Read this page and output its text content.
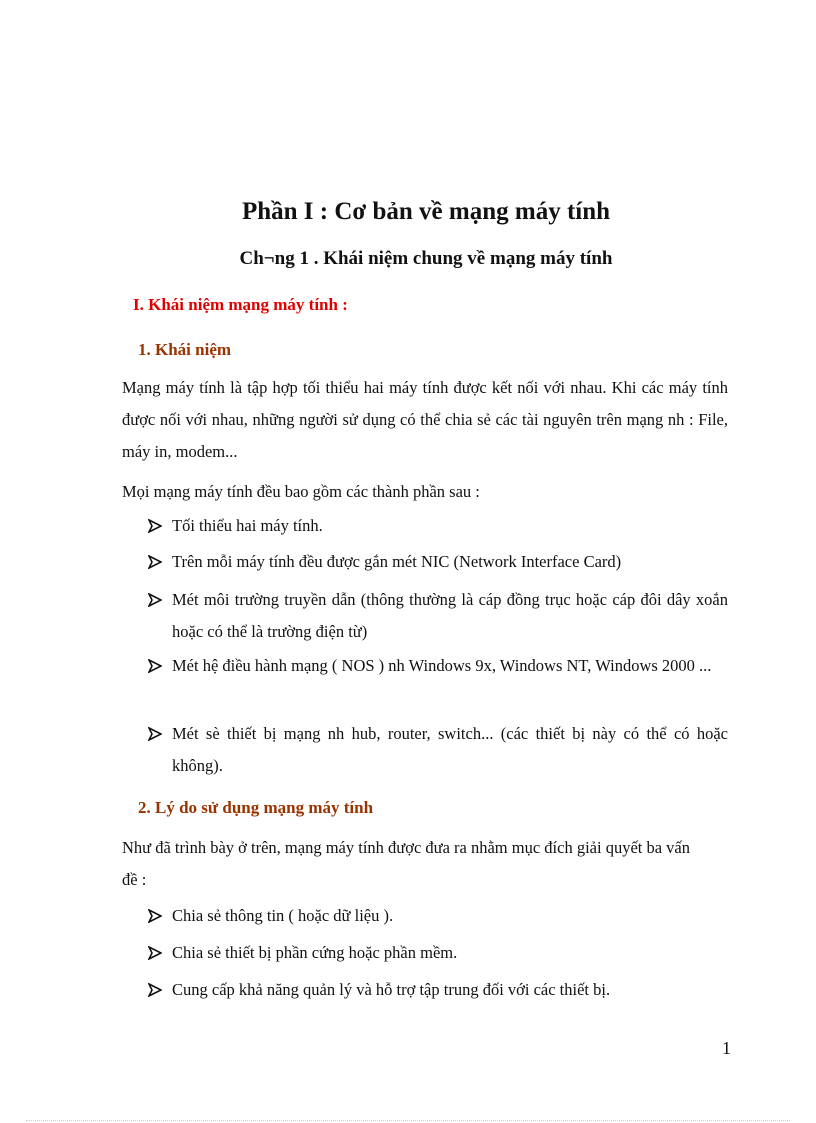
Phần I : Cơ bản về mạng máy tính
Ch¬ng 1 . Khái niệm chung về mạng máy tính
I. Khái niệm mạng máy tính :
1. Khái niệm

Mạng máy tính là tập hợp tối thiểu hai máy tính được kết nối với nhau. Khi các máy tính được nối với nhau, những người sử dụng có thể chia sẻ các tài nguyên trên mạng nh : File, máy in, modem...

Mọi mạng máy tính đều bao gồm các thành phần sau :

Tối thiểu hai máy tính.
Trên mỗi máy tính đều được gắn mét NIC (Network Interface Card)
Mét môi trường truyền dẫn (thông thường là cáp đồng trục hoặc cáp đôi dây xoắn hoặc có thể là trường điện từ)
Mét hệ điều hành mạng ( NOS ) nh Windows 9x, Windows NT, Windows 2000 ...
Mét sè thiết bị mạng nh hub, router, switch... (các thiết bị này có thể có hoặc không).
2. Lý do sử dụng mạng máy tính

Như đã trình bày ở trên, mạng máy tính được đưa ra nhằm mục đích giải quyết ba vấn đề :

Chia sẻ thông tin ( hoặc dữ liệu ).
Chia sẻ thiết bị phần cứng hoặc phần mềm.
Cung cấp khả năng quản lý và hỗ trợ tập trung đối với các thiết bị.

1
